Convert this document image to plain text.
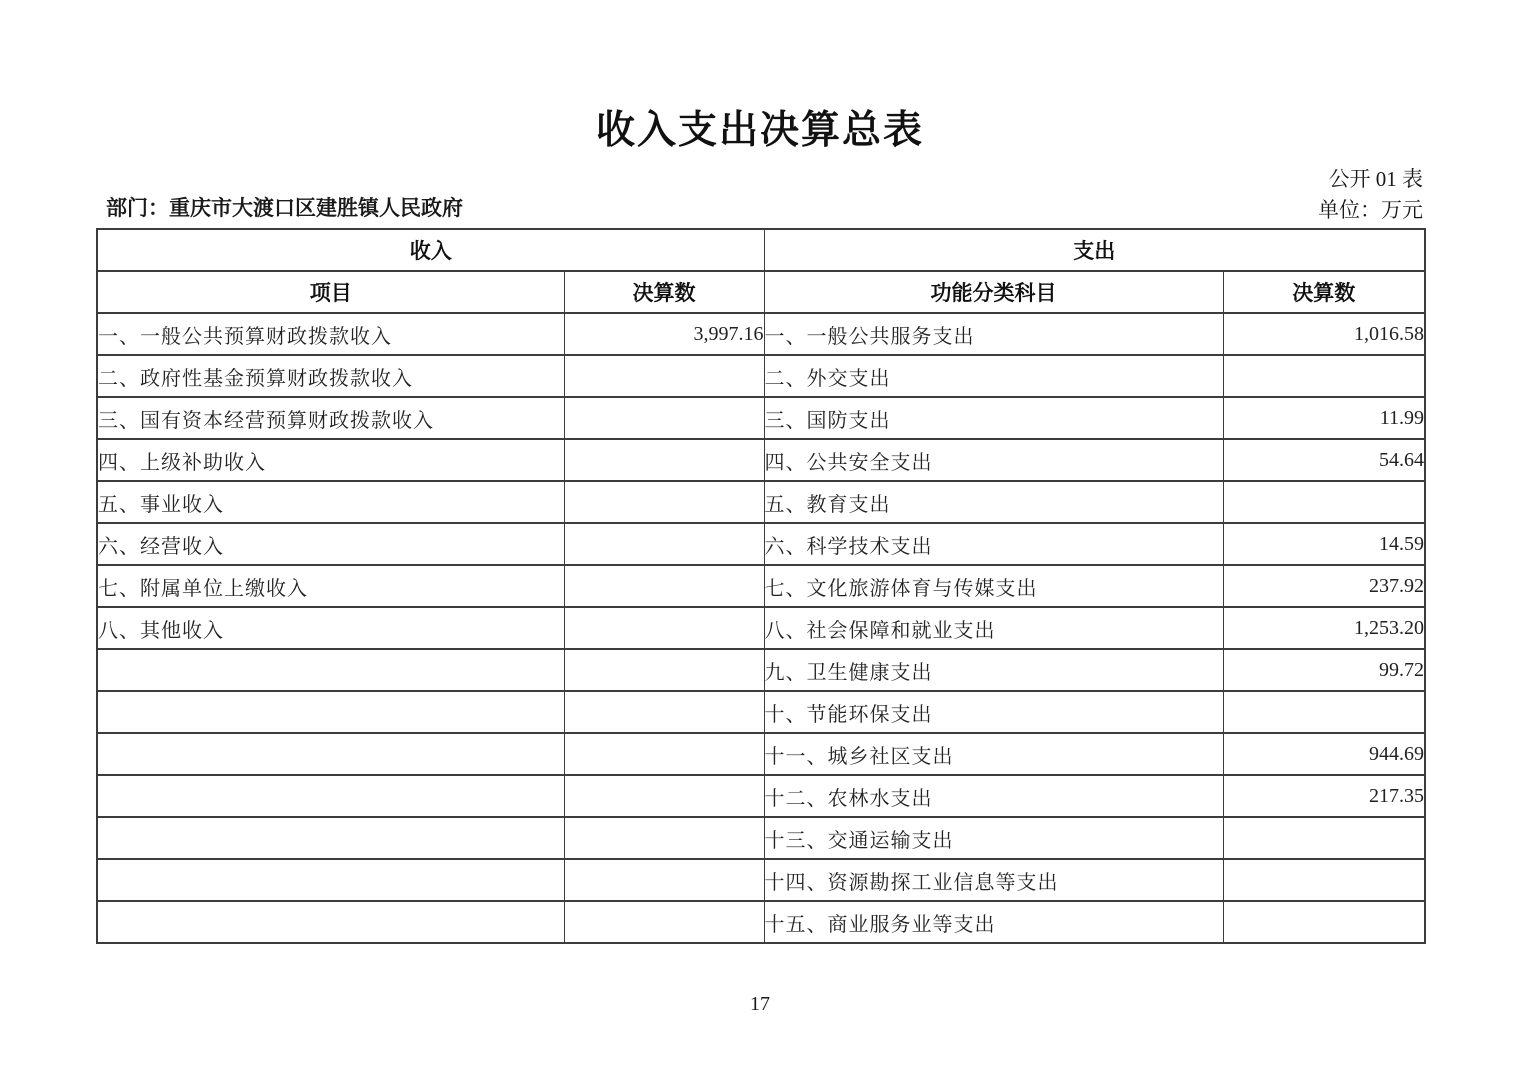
收入支出决算总表
公开 01 表
部门：重庆市大渡口区建胜镇人民政府	单位：万元
收入		支出	
项目	决算数	功能分类科目	决算数
一、一般公共预算财政拨款收入	3,997.16	一、一般公共服务支出	1,016.58
二、政府性基金预算财政拨款收入		二、外交支出	
三、国有资本经营预算财政拨款收入		三、国防支出	11.99
四、上级补助收入		四、公共安全支出	54.64
五、事业收入		五、教育支出	
六、经营收入		六、科学技术支出	14.59
七、附属单位上缴收入		七、文化旅游体育与传媒支出	237.92
八、其他收入		八、社会保障和就业支出	1,253.20
		九、卫生健康支出	99.72
		十、节能环保支出	
		十一、城乡社区支出	944.69
		十二、农林水支出	217.35
		十三、交通运输支出	
		十四、资源勘探工业信息等支出	
		十五、商业服务业等支出	
17
